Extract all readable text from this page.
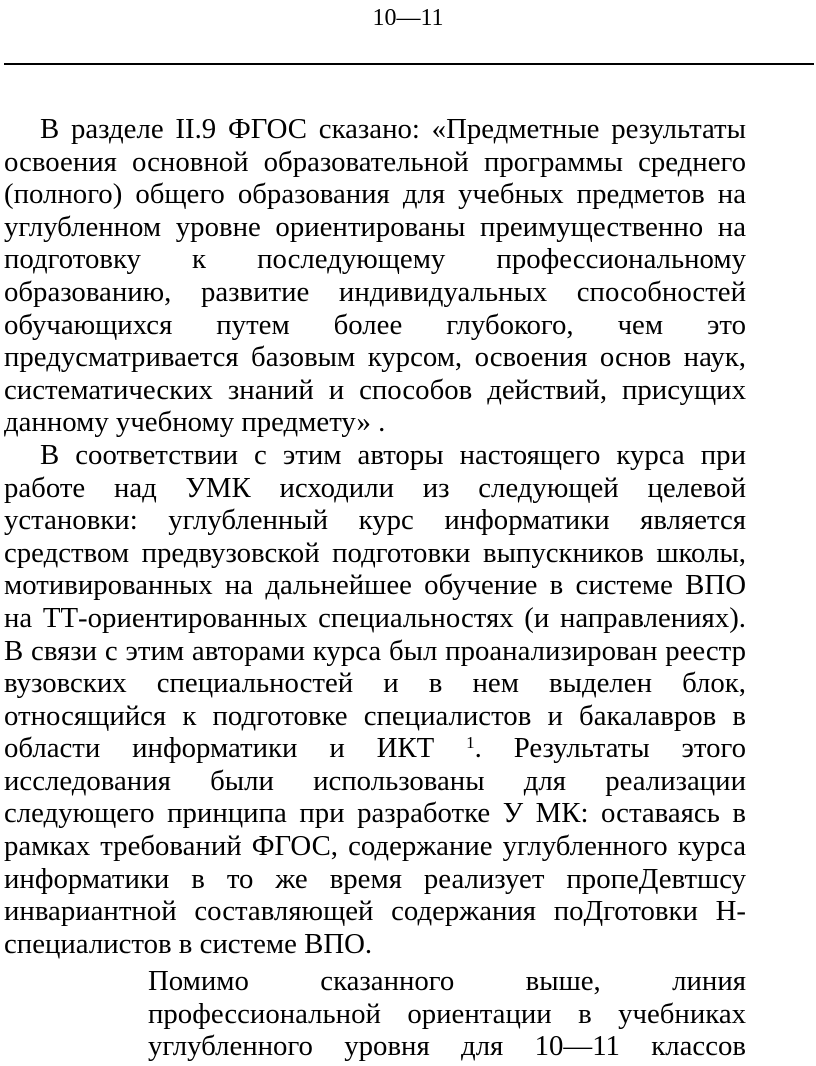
10—11

В разделе II.9 ФГОС сказано: «Предметные результаты освоения основной образовательной программы среднего (полного) общего образования для учебных предметов на углубленном уровне ориентированы преимущественно на подготовку к последующему профессиональному образованию, развитие индивидуальных способностей обучающихся путем более глубокого, чем это предусматривается базовым курсом, освоения основ наук, систематических знаний и способов действий, присущих данному учебному предмету» .

В соответствии с этим авторы настоящего курса при работе над УМК исходили из следующей целевой установки: углубленный курс информатики является средством предвузовской подготовки выпускников школы, мотивированных на дальнейшее обучение в системе ВПО на ТТ-ориентированных специальностях (и направлениях). В связи с этим авторами курса был проанализирован реестр вузовских специальностей и в нем выделен блок, относящийся к подготовке специалистов и бакалавров в области информатики и ИКТ $^1$. Результаты этого исследования были использованы для реализации следующего принципа при разработке У МК: оставаясь в рамках требований ФГОС, содержание углубленного курса информатики в то же время реализует пропеДевтшсу инвариантной составляющей содержания поДготовки Н-специалистов в системе ВПО.

Помимо сказанного выше, линия профессиональной ориентации в учебниках углубленного уровня для 10—11 классов
